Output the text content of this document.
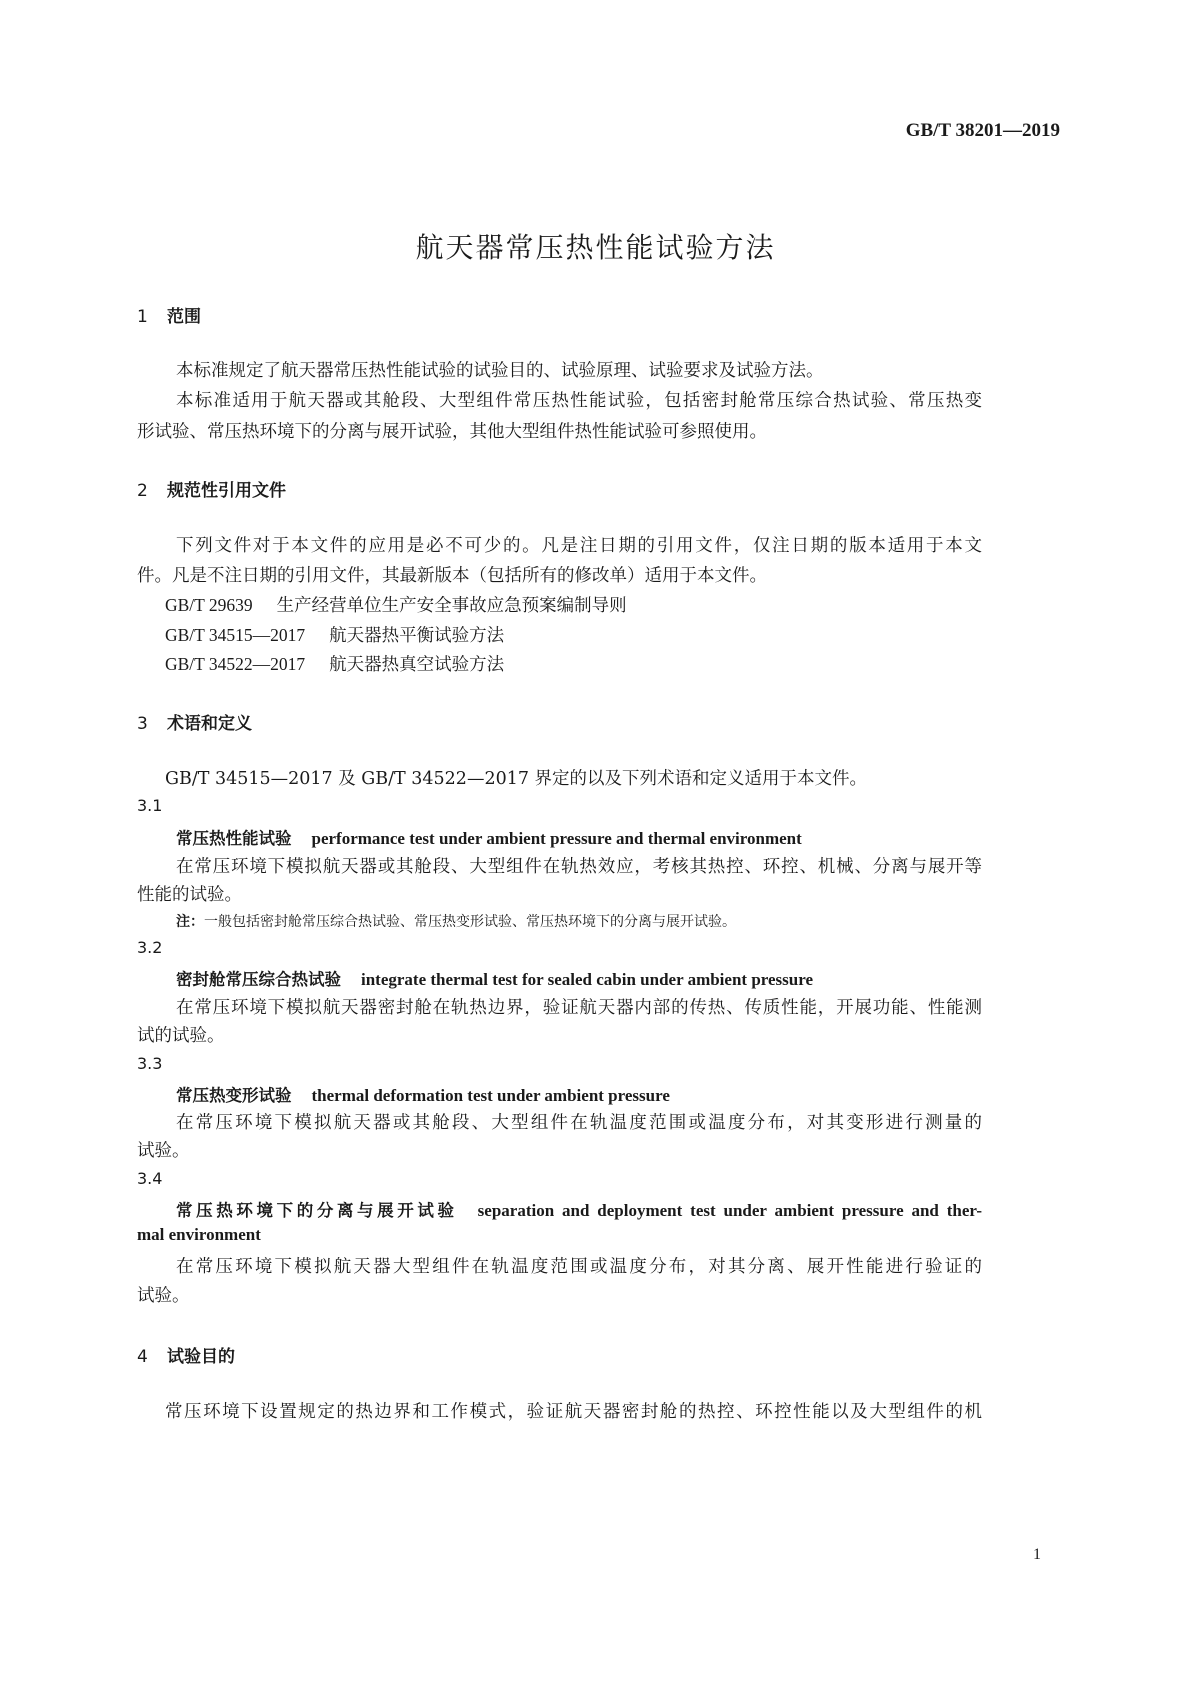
GB/T 38201—2019
航天器常压热性能试验方法
1 范围
本标准规定了航天器常压热性能试验的试验目的、试验原理、试验要求及试验方法。
本标准适用于航天器或其舱段、大型组件常压热性能试验，包括密封舱常压综合热试验、常压热变
形试验、常压热环境下的分离与展开试验，其他大型组件热性能试验可参照使用。
2 规范性引用文件
下列文件对于本文件的应用是必不可少的。凡是注日期的引用文件，仅注日期的版本适用于本文
件。凡是不注日期的引用文件，其最新版本（包括所有的修改单）适用于本文件。
GB/T 29639 生产经营单位生产安全事故应急预案编制导则
GB/T 34515—2017 航天器热平衡试验方法
GB/T 34522—2017 航天器热真空试验方法
3 术语和定义
GB/T 34515—2017 及 GB/T 34522—2017 界定的以及下列术语和定义适用于本文件。
3.1
常压热性能试验 performance test under ambient pressure and thermal environment
在常压环境下模拟航天器或其舱段、大型组件在轨热效应，考核其热控、环控、机械、分离与展开等
性能的试验。
注：一般包括密封舱常压综合热试验、常压热变形试验、常压热环境下的分离与展开试验。
3.2
密封舱常压综合热试验 integrate thermal test for sealed cabin under ambient pressure
在常压环境下模拟航天器密封舱在轨热边界，验证航天器内部的传热、传质性能，开展功能、性能测
试的试验。
3.3
常压热变形试验 thermal deformation test under ambient pressure
在常压环境下模拟航天器或其舱段、大型组件在轨温度范围或温度分布，对其变形进行测量的
试验。
3.4
常压热环境下的分离与展开试验 separation and deployment test under ambient pressure and ther-
mal environment
在常压环境下模拟航天器大型组件在轨温度范围或温度分布，对其分离、展开性能进行验证的
试验。
4 试验目的
常压环境下设置规定的热边界和工作模式，验证航天器密封舱的热控、环控性能以及大型组件的机
1
